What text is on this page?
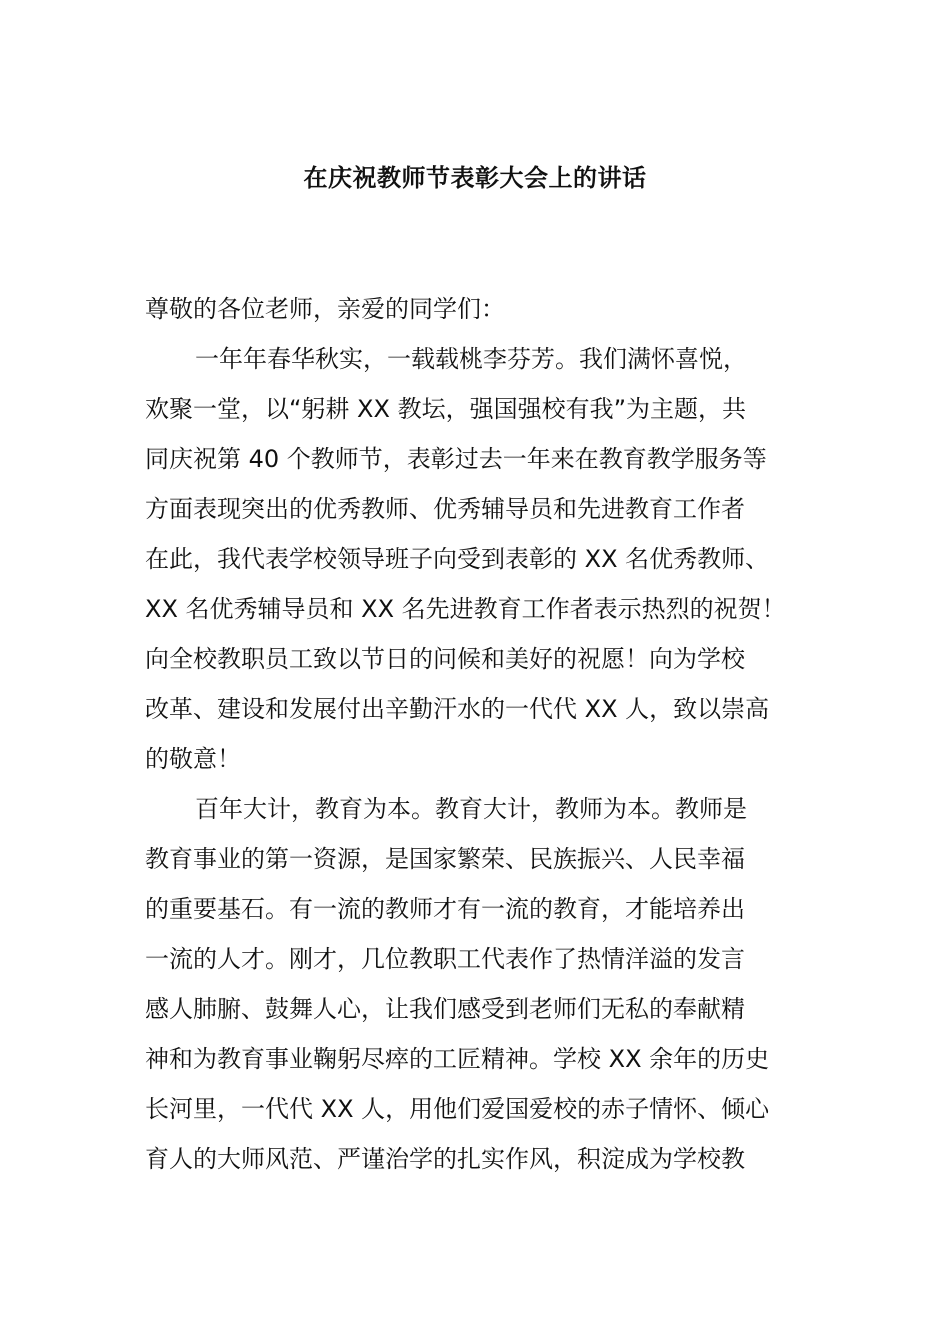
在庆祝教师节表彰大会上的讲话

尊敬的各位老师，亲爱的同学们：

一年年春华秋实，一载载桃李芬芳。我们满怀喜悦，
欢聚一堂，以“躬耕 XX 教坛，强国强校有我”为主题，共
同庆祝第 40 个教师节，表彰过去一年来在教育教学服务等
方面表现突出的优秀教师、优秀辅导员和先进教育工作者
在此，我代表学校领导班子向受到表彰的 XX 名优秀教师、
XX 名优秀辅导员和 XX 名先进教育工作者表示热烈的祝贺！
向全校教职员工致以节日的问候和美好的祝愿！向为学校
改革、建设和发展付出辛勤汗水的一代代 XX 人，致以崇高
的敬意！
百年大计，教育为本。教育大计，教师为本。教师是
教育事业的第一资源，是国家繁荣、民族振兴、人民幸福
的重要基石。有一流的教师才有一流的教育，才能培养出
一流的人才。刚才，几位教职工代表作了热情洋溢的发言
感人肺腑、鼓舞人心，让我们感受到老师们无私的奉献精
神和为教育事业鞠躬尽瘁的工匠精神。学校 XX 余年的历史
长河里，一代代 XX 人，用他们爱国爱校的赤子情怀、倾心
育人的大师风范、严谨治学的扎实作风，积淀成为学校教
